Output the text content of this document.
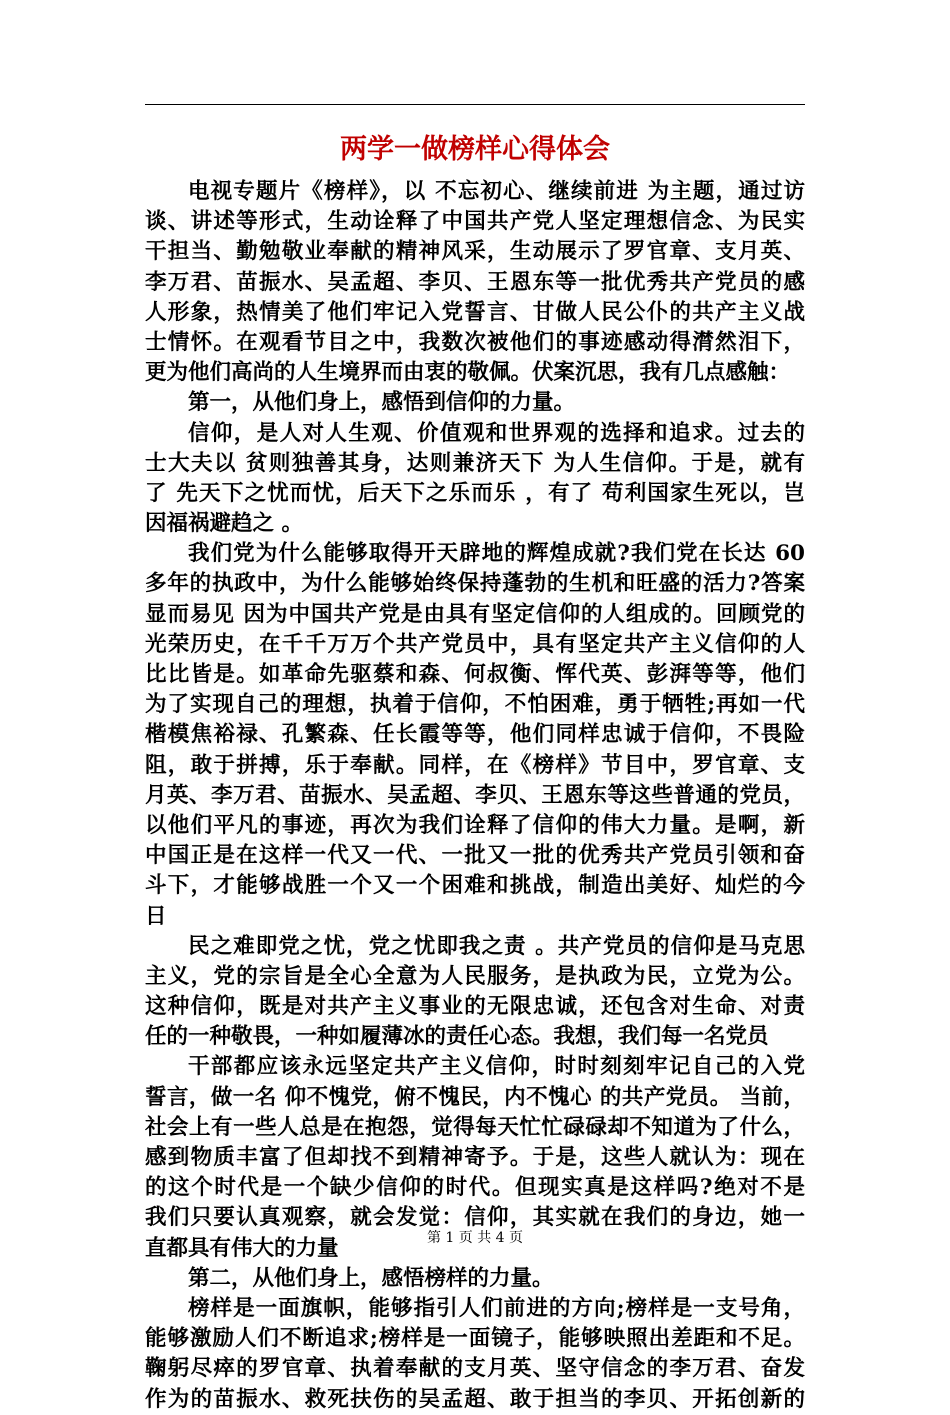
两学一做榜样心得体会
电视专题片《榜样》，以 不忘初心、继续前进 为主题，通过访
谈、讲述等形式，生动诠释了中国共产党人坚定理想信念、为民实
干担当、勤勉敬业奉献的精神风采，生动展示了罗官章、支月英、
李万君、苗振水、吴孟超、李贝、王恩东等一批优秀共产党员的感
人形象，热情美了他们牢记入党誓言、甘做人民公仆的共产主义战
士情怀。在观看节目之中，我数次被他们的事迹感动得潸然泪下，
更为他们高尚的人生境界而由衷的敬佩。伏案沉思，我有几点感触：
第一，从他们身上，感悟到信仰的力量。
信仰，是人对人生观、价值观和世界观的选择和追求。过去的
士大夫以 贫则独善其身，达则兼济天下 为人生信仰。于是，就有
了 先天下之忧而忧，后天下之乐而乐 ，有了 苟利国家生死以，岂
因福祸避趋之 。
我们党为什么能够取得开天辟地的辉煌成就?我们党在长达 60
多年的执政中，为什么能够始终保持蓬勃的生机和旺盛的活力?答案
显而易见 因为中国共产党是由具有坚定信仰的人组成的。回顾党的
光荣历史，在千千万万个共产党员中，具有坚定共产主义信仰的人
比比皆是。如革命先驱蔡和森、何叔衡、恽代英、彭湃等等，他们
为了实现自己的理想，执着于信仰，不怕困难，勇于牺牲;再如一代
楷模焦裕禄、孔繁森、任长霞等等，他们同样忠诚于信仰，不畏险
阻，敢于拼搏，乐于奉献。同样，在《榜样》节目中，罗官章、支
月英、李万君、苗振水、吴孟超、李贝、王恩东等这些普通的党员，
以他们平凡的事迹，再次为我们诠释了信仰的伟大力量。是啊，新
中国正是在这样一代又一代、一批又一批的优秀共产党员引领和奋
斗下，才能够战胜一个又一个困难和挑战，制造出美好、灿烂的今
日
民之难即党之忧，党之忧即我之责 。共产党员的信仰是马克思
主义，党的宗旨是全心全意为人民服务，是执政为民，立党为公。
这种信仰，既是对共产主义事业的无限忠诚，还包含对生命、对责
任的一种敬畏，一种如履薄冰的责任心态。我想，我们每一名党员
干部都应该永远坚定共产主义信仰，时时刻刻牢记自己的入党
誓言，做一名 仰不愧党，俯不愧民，内不愧心 的共产党员。 当前，
社会上有一些人总是在抱怨，觉得每天忙忙碌碌却不知道为了什么，
感到物质丰富了但却找不到精神寄予。于是，这些人就认为：现在
的这个时代是一个缺少信仰的时代。但现实真是这样吗?绝对不是
我们只要认真观察，就会发觉：信仰，其实就在我们的身边，她一
直都具有伟大的力量
第二，从他们身上，感悟榜样的力量。
榜样是一面旗帜，能够指引人们前进的方向;榜样是一支号角，
能够激励人们不断追求;榜样是一面镜子，能够映照出差距和不足。
鞠躬尽瘁的罗官章、执着奉献的支月英、坚守信念的李万君、奋发
作为的苗振水、救死扶伤的吴孟超、敢于担当的李贝、开拓创新的
第 1 页 共 4 页
